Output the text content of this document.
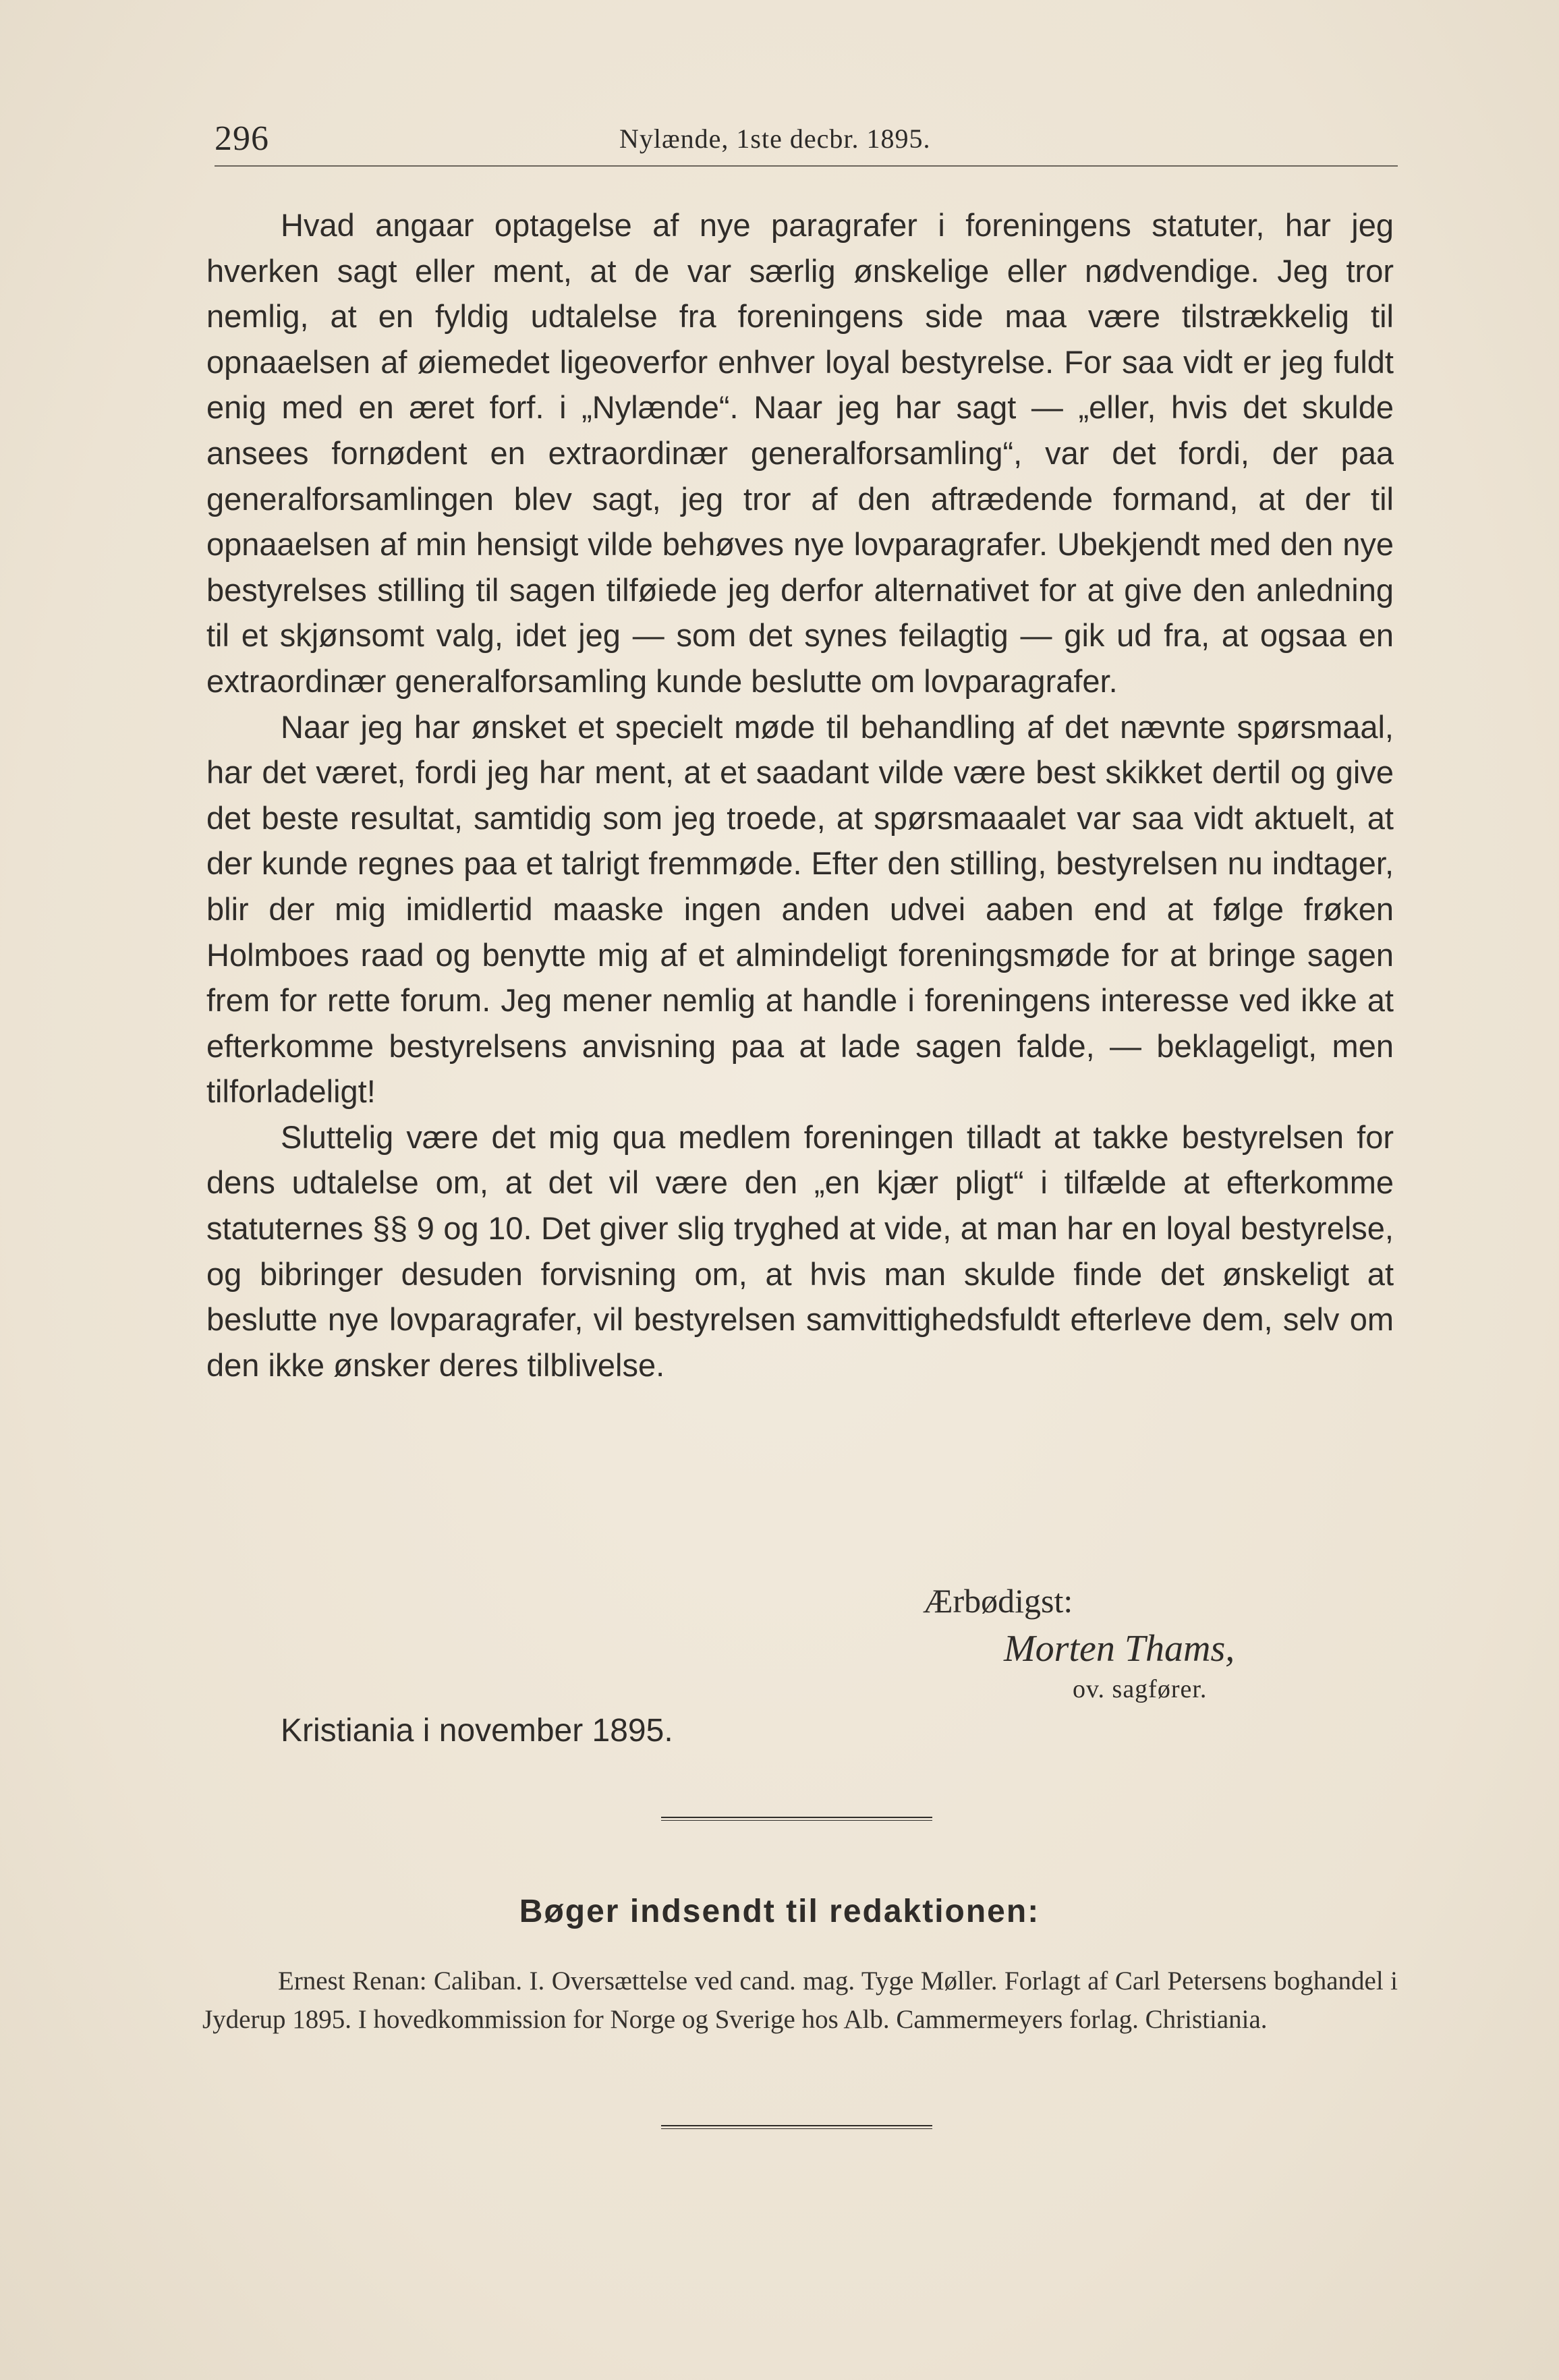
296	Nylænde, 1ste decbr. 1895.

Hvad angaar optagelse af nye paragrafer i foreningens statuter, har jeg hverken sagt eller ment, at de var særlig ønskelige eller nødvendige. Jeg tror nemlig, at en fyldig udtalelse fra foreningens side maa være tilstrækkelig til opnaaelsen af øiemedet ligeoverfor enhver loyal bestyrelse. For saa vidt er jeg fuldt enig med en æret forf. i „Nylænde“. Naar jeg har sagt — „eller, hvis det skulde ansees fornødent en extraordinær generalforsamling“, var det fordi, der paa generalforsamlingen blev sagt, jeg tror af den aftrædende formand, at der til opnaaelsen af min hensigt vilde behøves nye lovparagrafer. Ubekjendt med den nye bestyrelses stilling til sagen tilføiede jeg derfor alternativet for at give den anledning til et skjønsomt valg, idet jeg — som det synes feilagtig — gik ud fra, at ogsaa en extraordinær generalforsamling kunde beslutte om lovparagrafer.

Naar jeg har ønsket et specielt møde til behandling af det nævnte spørsmaal, har det været, fordi jeg har ment, at et saadant vilde være best skikket dertil og give det beste resultat, samtidig som jeg troede, at spørsmaaalet var saa vidt aktuelt, at der kunde regnes paa et talrigt fremmøde. Efter den stilling, bestyrelsen nu indtager, blir der mig imidlertid maaske ingen anden udvei aaben end at følge frøken Holmboes raad og benytte mig af et almindeligt foreningsmøde for at bringe sagen frem for rette forum. Jeg mener nemlig at handle i foreningens interesse ved ikke at efterkomme bestyrelsens anvisning paa at lade sagen falde, — beklageligt, men tilforladeligt!

Sluttelig være det mig qua medlem foreningen tilladt at takke bestyrelsen for dens udtalelse om, at det vil være den „en kjær pligt“ i tilfælde at efterkomme statuternes §§ 9 og 10. Det giver slig tryghed at vide, at man har en loyal bestyrelse, og bibringer desuden forvisning om, at hvis man skulde finde det ønskeligt at beslutte nye lovparagrafer, vil bestyrelsen samvittighedsfuldt efterleve dem, selv om den ikke ønsker deres tilblivelse.

Ærbødigst:
Morten Thams,
ov. sagfører.
Kristiania i november 1895.
Bøger indsendt til redaktionen:

Ernest Renan: Caliban. I. Oversættelse ved cand. mag. Tyge Møller. Forlagt af Carl Petersens boghandel i Jyderup 1895. I hovedkommission for Norge og Sverige hos Alb. Cammermeyers forlag. Christiania.
